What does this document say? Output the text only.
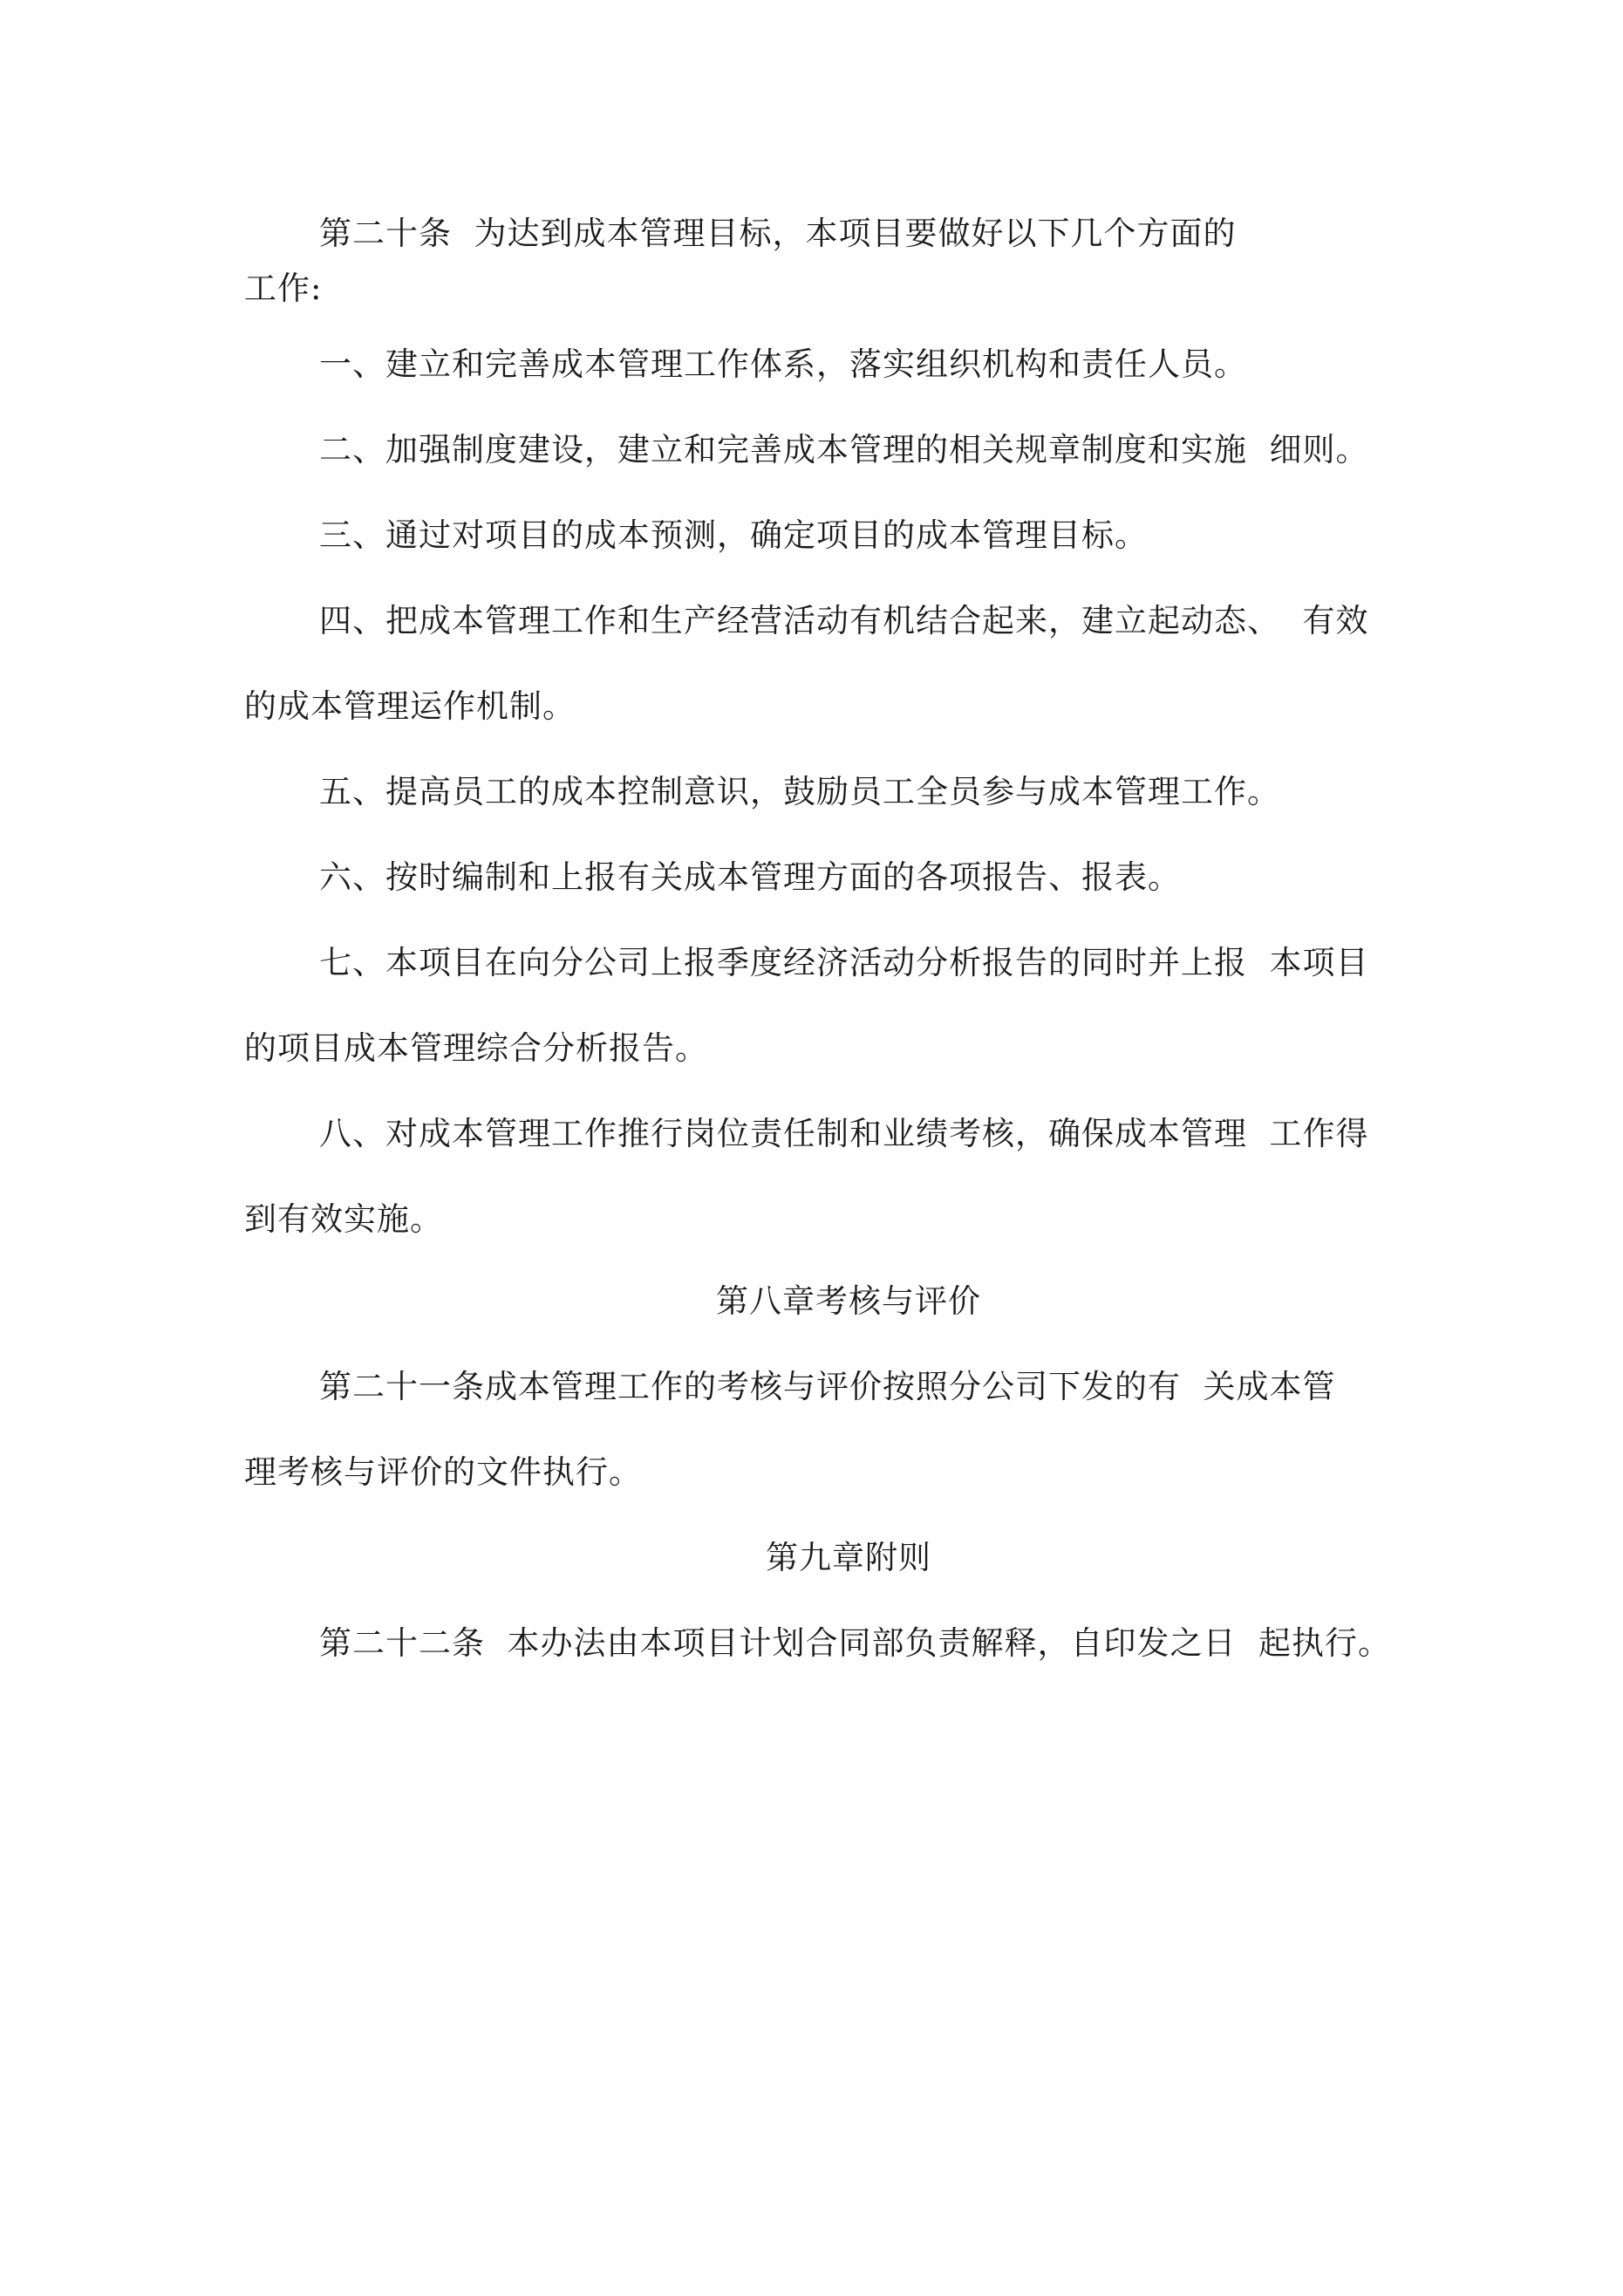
第二十条  为达到成本管理目标，本项目要做好以下几个方面的
工作:
一、建立和完善成本管理工作体系，落实组织机构和责任人员。
二、加强制度建设，建立和完善成本管理的相关规章制度和实施  细则。
三、通过对项目的成本预测，确定项目的成本管理目标。
四、把成本管理工作和生产经营活动有机结合起来，建立起动态、  有效
的成本管理运作机制。
五、提高员工的成本控制意识，鼓励员工全员参与成本管理工作。
六、按时编制和上报有关成本管理方面的各项报告、报表。
七、本项目在向分公司上报季度经济活动分析报告的同时并上报  本项目
的项目成本管理综合分析报告。
八、对成本管理工作推行岗位责任制和业绩考核，确保成本管理  工作得
到有效实施。
第八章考核与评价
第二十一条成本管理工作的考核与评价按照分公司下发的有  关成本管
理考核与评价的文件执行。
第九章附则
第二十二条  本办法由本项目计划合同部负责解释，自印发之日  起执行。
